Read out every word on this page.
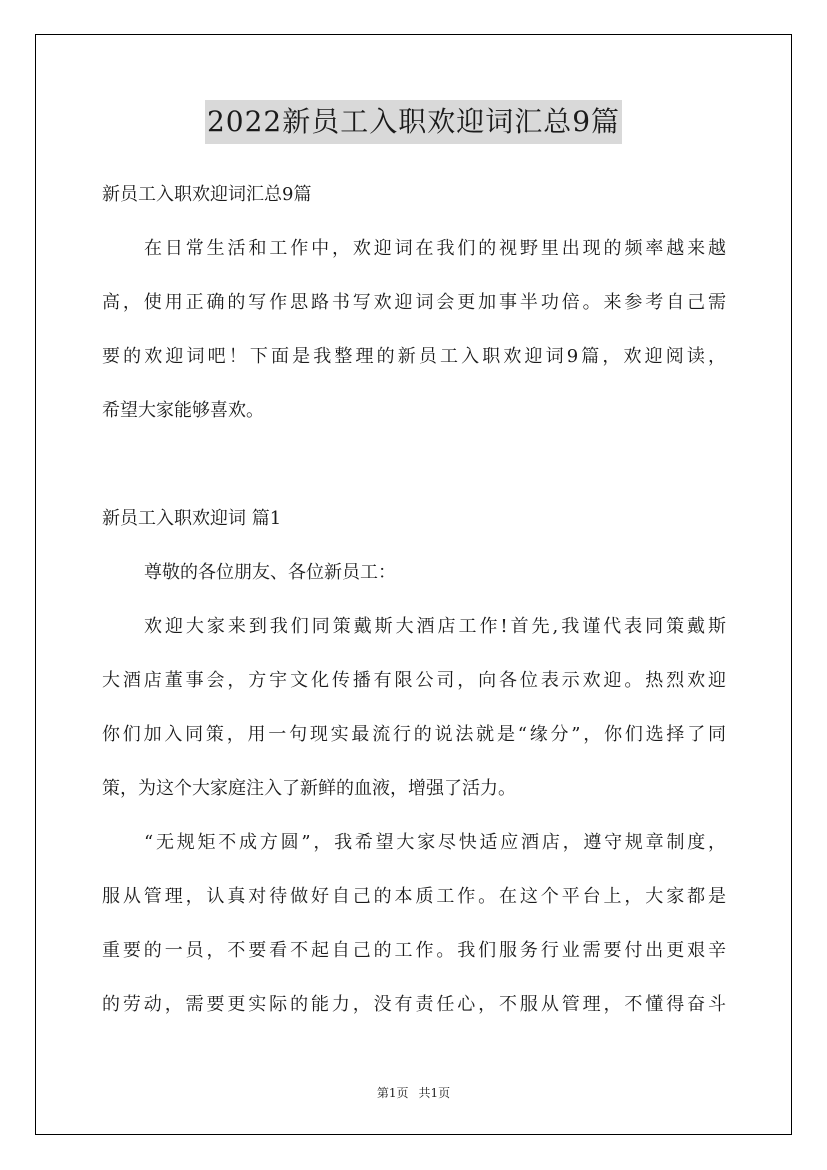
2022新员工入职欢迎词汇总9篇
新员工入职欢迎词汇总9篇
在日常生活和工作中，欢迎词在我们的视野里出现的频率越来越
高，使用正确的写作思路书写欢迎词会更加事半功倍。来参考自己需
要的欢迎词吧！下面是我整理的新员工入职欢迎词9篇，欢迎阅读，
希望大家能够喜欢。
新员工入职欢迎词 篇1
尊敬的各位朋友、各位新员工：
欢迎大家来到我们同策戴斯大酒店工作!首先,我谨代表同策戴斯
大酒店董事会，方宇文化传播有限公司，向各位表示欢迎。热烈欢迎
你们加入同策，用一句现实最流行的说法就是“缘分”，你们选择了同
策，为这个大家庭注入了新鲜的血液，增强了活力。
“无规矩不成方圆”，我希望大家尽快适应酒店，遵守规章制度，
服从管理，认真对待做好自己的本质工作。在这个平台上，大家都是
重要的一员，不要看不起自己的工作。我们服务行业需要付出更艰辛
的劳动，需要更实际的能力，没有责任心，不服从管理，不懂得奋斗
第1页 共1页
